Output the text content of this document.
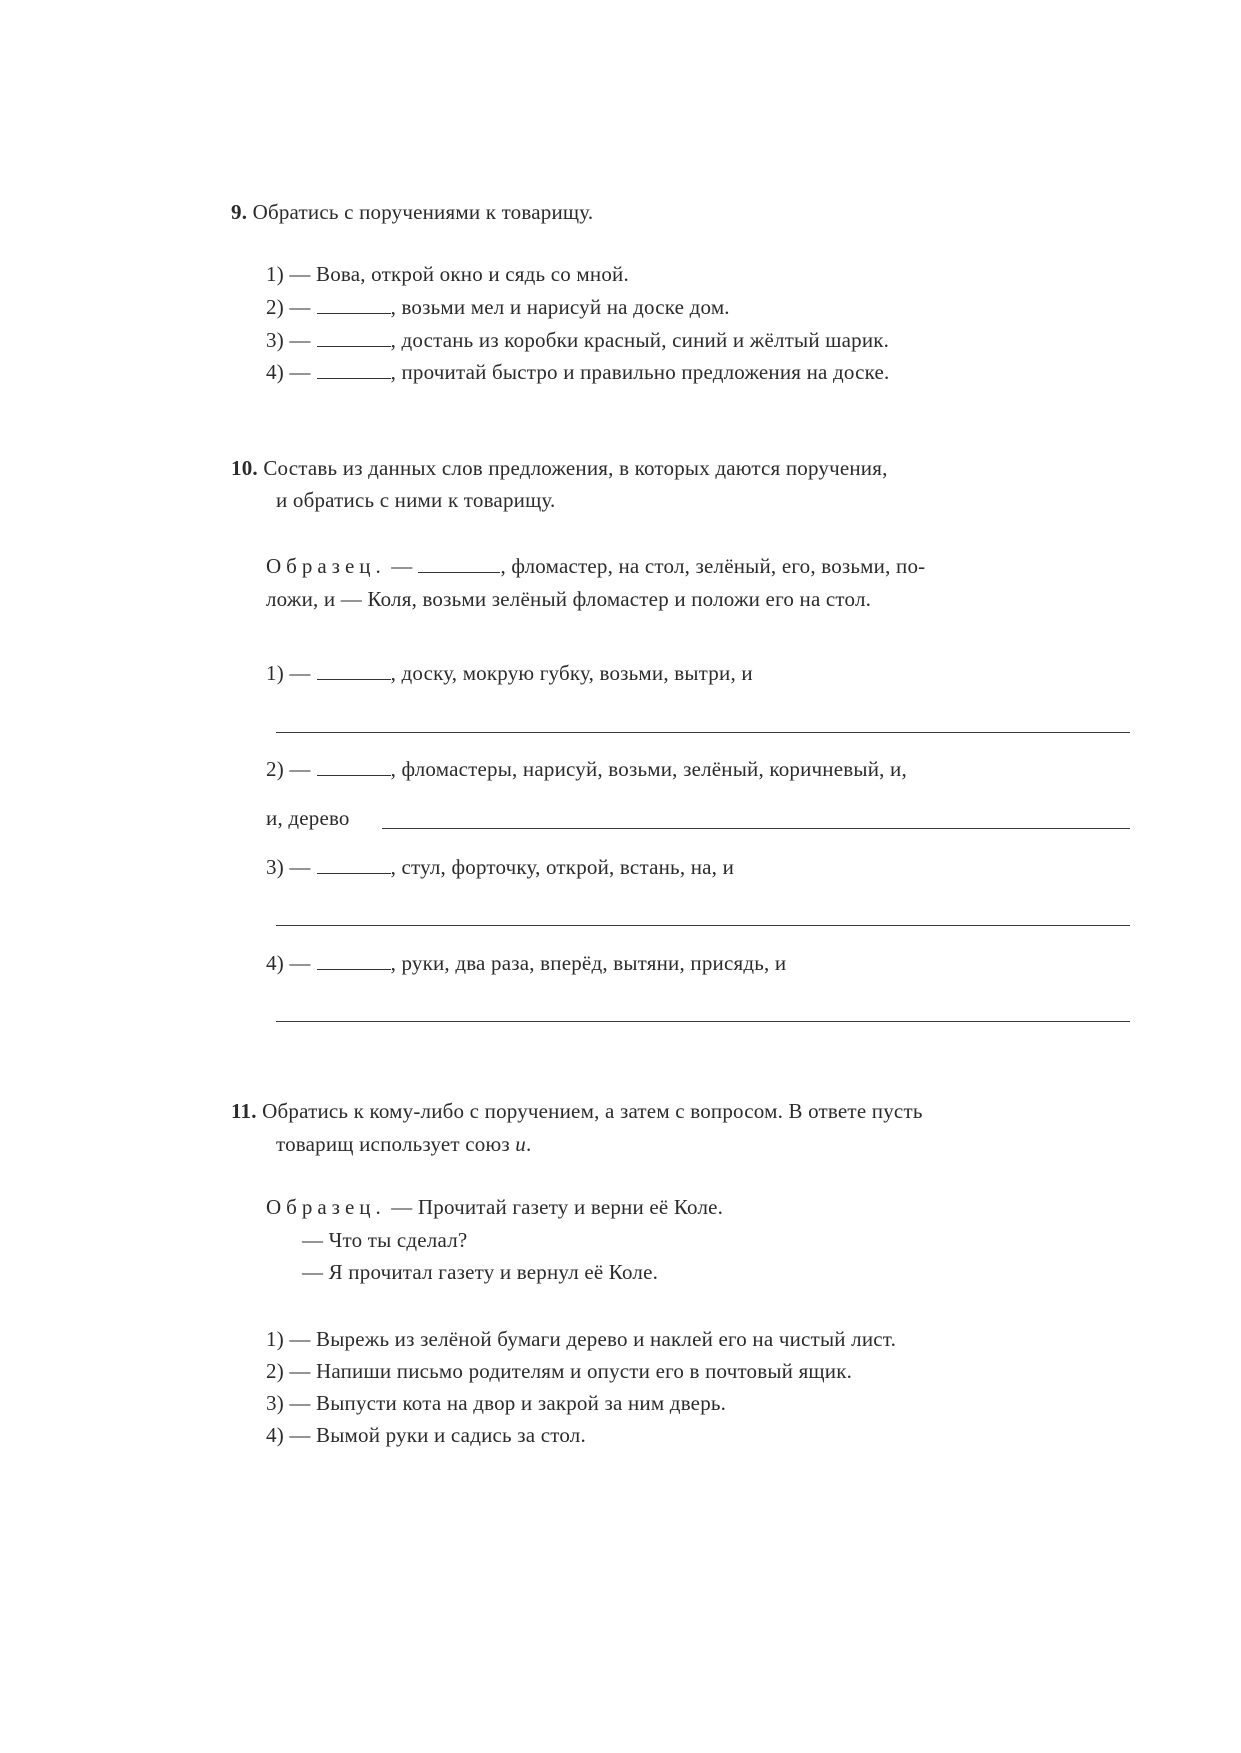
9. Обратись с поручениями к товарищу.
1) — Вова, открой окно и сядь со мной.
2) —	, возьми мел и нарисуй на доске дом.
3) —	, достань из коробки красный, синий и жёлтый шарик.
4) —	, прочитай быстро и правильно предложения на доске.
10. Составь из данных слов предложения, в которых даются поручения,
и обратись с ними к товарищу.
Образец. —	, фломастер, на стол, зелёный, его, возьми, по-
ложи, и — Коля, возьми зелёный фломастер и положи его на стол.
1) —	, доску, мокрую губку, возьми, вытри, и
2) —	, фломастеры, нарисуй, возьми, зелёный, коричневый, и,
и, дерево
3) —	, стул, форточку, открой, встань, на, и
4) —	, руки, два раза, вперёд, вытяни, присядь, и
11. Обратись к кому-либо с поручением, а затем с вопросом. В ответе пусть
товарищ использует союз и.
Образец. — Прочитай газету и верни её Коле.
— Что ты сделал?
— Я прочитал газету и вернул её Коле.
1) — Вырежь из зелёной бумаги дерево и наклей его на чистый лист.
2) — Напиши письмо родителям и опусти его в почтовый ящик.
3) — Выпусти кота на двор и закрой за ним дверь.
4) — Вымой руки и садись за стол.
